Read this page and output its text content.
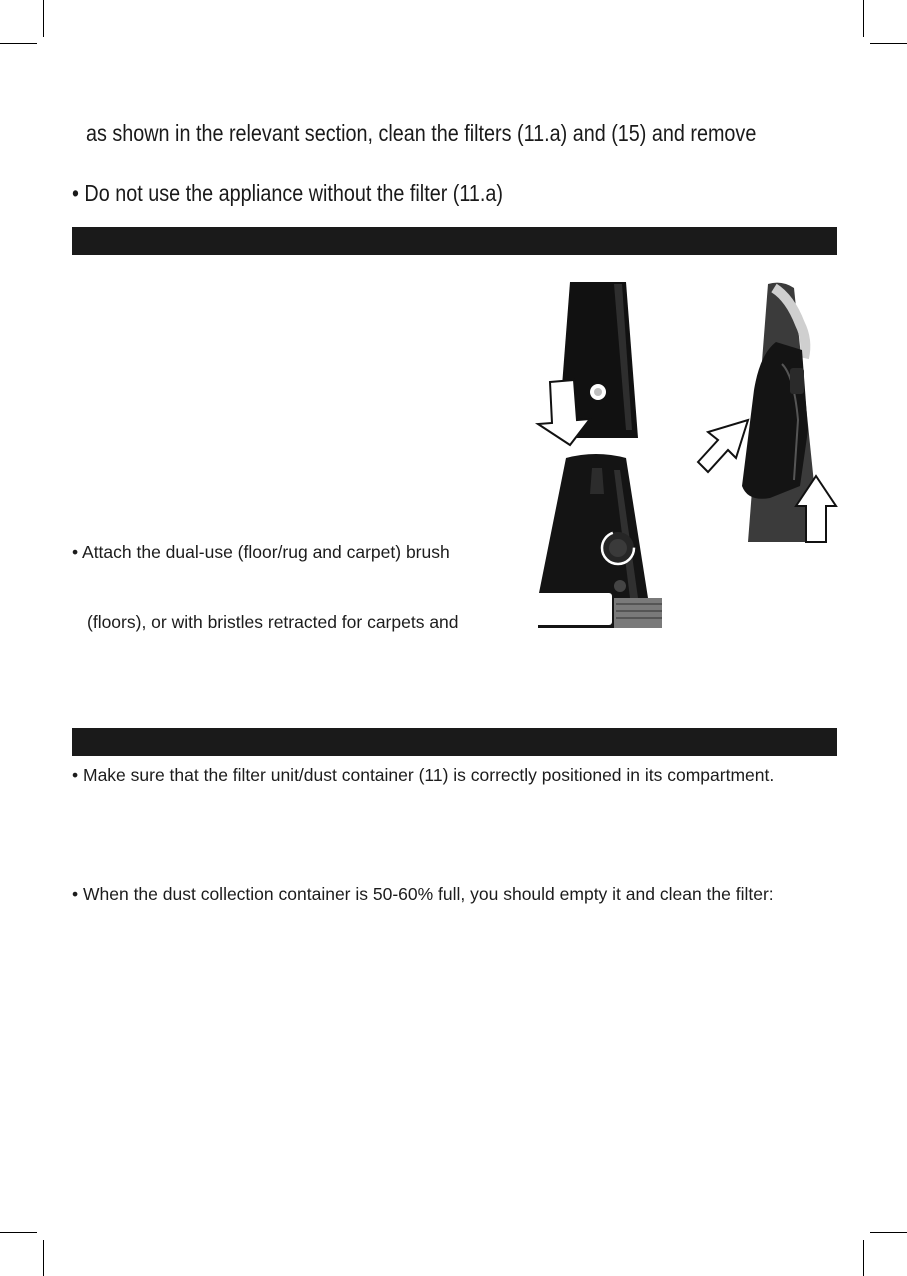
as shown in the relevant section, clean the filters (11.a) and (15) and remove
• Do not use the appliance without the filter (11.a)
• Attach the dual-use (floor/rug and carpet) brush
(floors), or with bristles retracted for carpets and
• Make sure that the filter unit/dust container (11) is correctly positioned in its compartment.
• When the dust collection container is 50-60% full, you should empty it and clean the filter:
